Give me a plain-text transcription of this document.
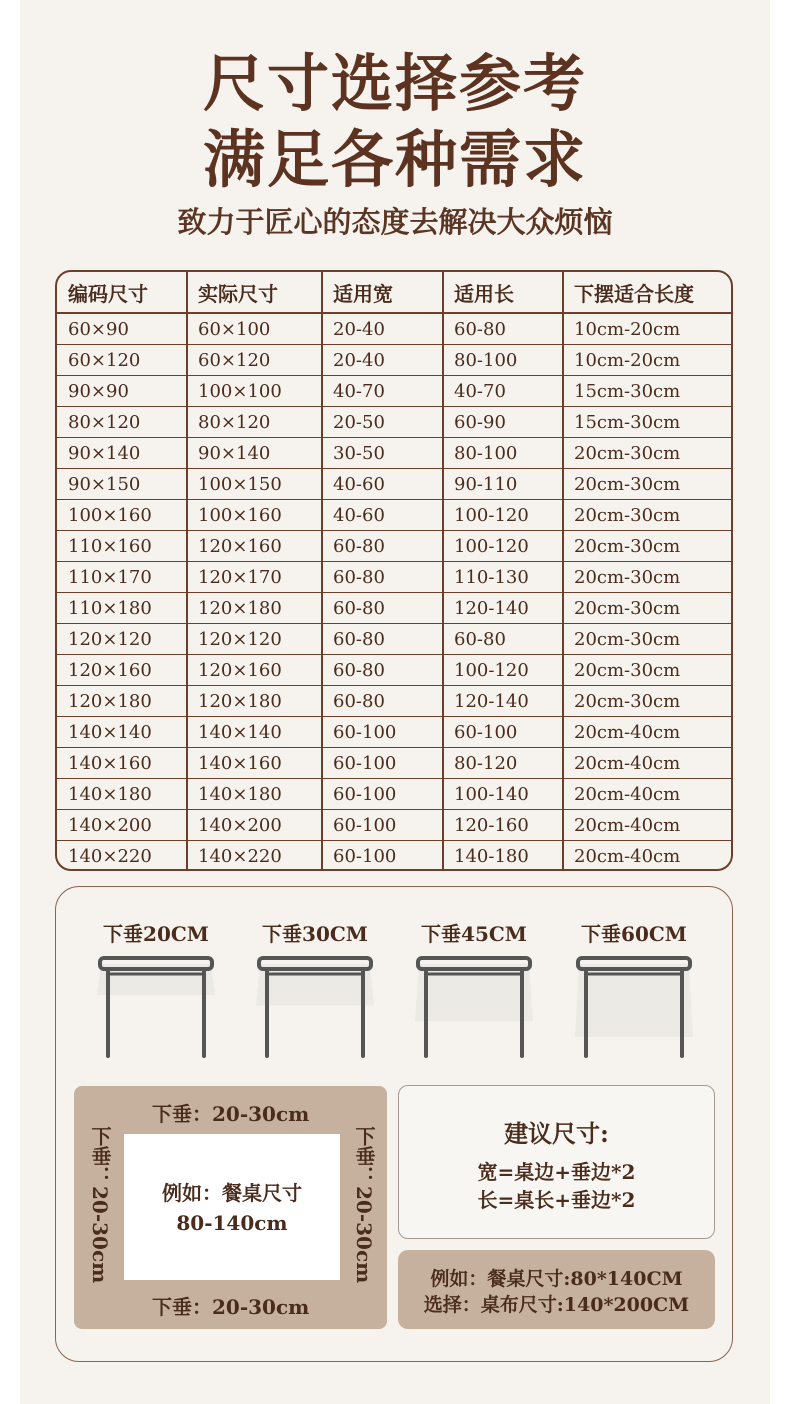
尺寸选择参考
满足各种需求
致力于匠心的态度去解决大众烦恼
编码尺寸	实际尺寸	适用宽	适用长	下摆适合长度
60×90	60×100	20-40	60-80	10cm-20cm
60×120	60×120	20-40	80-100	10cm-20cm
90×90	100×100	40-70	40-70	15cm-30cm
80×120	80×120	20-50	60-90	15cm-30cm
90×140	90×140	30-50	80-100	20cm-30cm
90×150	100×150	40-60	90-110	20cm-30cm
100×160	100×160	40-60	100-120	20cm-30cm
110×160	120×160	60-80	100-120	20cm-30cm
110×170	120×170	60-80	110-130	20cm-30cm
110×180	120×180	60-80	120-140	20cm-30cm
120×120	120×120	60-80	60-80	20cm-30cm
120×160	120×160	60-80	100-120	20cm-30cm
120×180	120×180	60-80	120-140	20cm-30cm
140×140	140×140	60-100	60-100	20cm-40cm
140×160	140×160	60-100	80-120	20cm-40cm
140×180	140×180	60-100	100-140	20cm-40cm
140×200	140×200	60-100	120-160	20cm-40cm
140×220	140×220	60-100	140-180	20cm-40cm
下垂20CM	下垂30CM	下垂45CM	下垂60CM
下垂：20-30cm
下垂：20-30cm
下垂：20-30cm	下垂：20-30cm
例如：餐桌尺寸
80-140cm
建议尺寸:
宽=桌边+垂边*2
长=桌长+垂边*2
例如：餐桌尺寸:80*140CM
选择：桌布尺寸:140*200CM
